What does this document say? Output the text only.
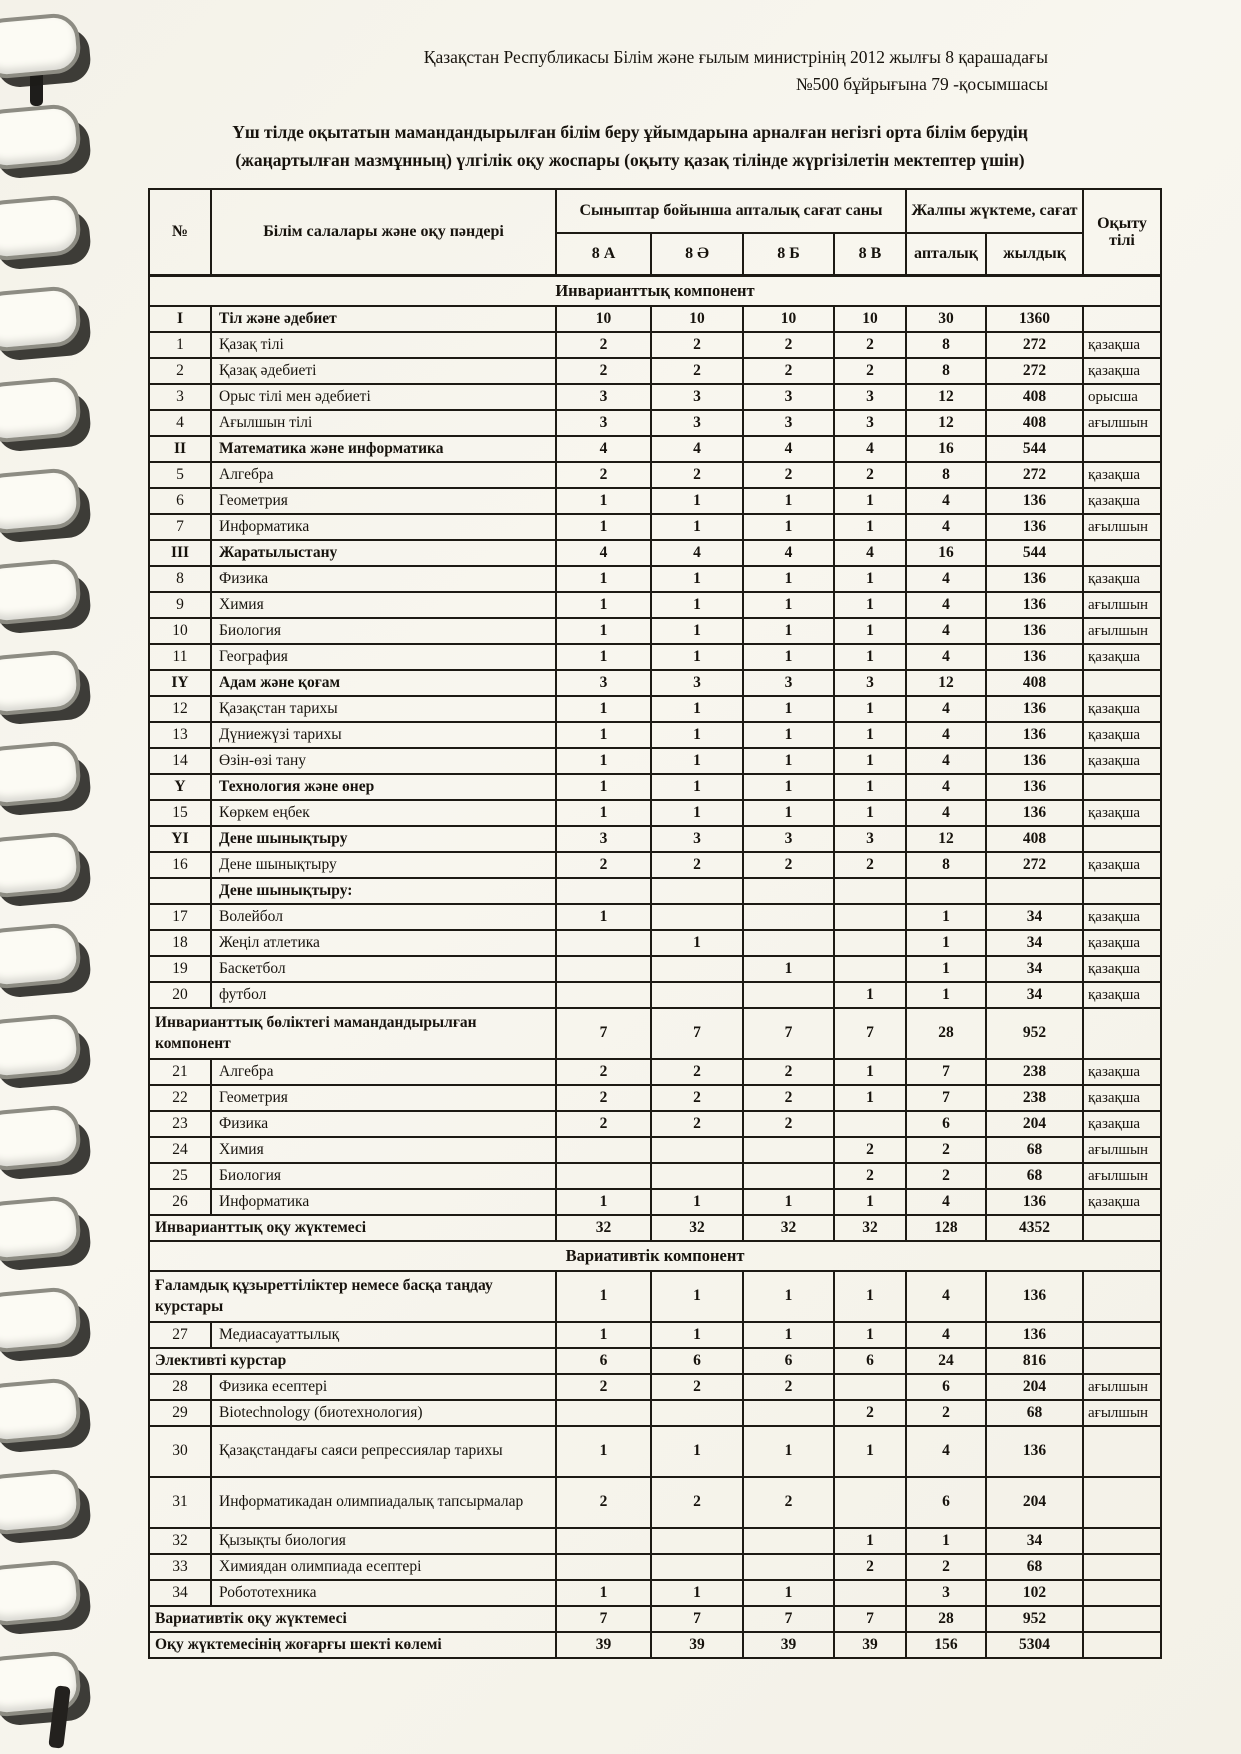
Қазақстан Республикасы Білім және ғылым министрінің 2012 жылғы 8 қарашадағы
№500 бұйрығына 79 -қосымшасы
Үш тілде оқытатын мамандандырылған білім беру ұйымдарына арналған негізгі орта білім берудің
(жаңартылған мазмұнның) үлгілік оқу жоспары (оқыту қазақ тілінде жүргізілетін мектептер үшін)
№	Білім салалары және оқу пәндері	Сыныптар бойынша апталық сағат саны				Жалпы жүктеме, сағат		Оқыту тілі
		8 А	8 Ә	8 Б	8 В	апталық	жылдық	
Инварианттық компонент								
I	Тіл және әдебиет	10	10	10	10	30	1360	
1	Қазақ тілі	2	2	2	2	8	272	қазақша
2	Қазақ әдебиеті	2	2	2	2	8	272	қазақша
3	Орыс тілі мен әдебиеті	3	3	3	3	12	408	орысша
4	Ағылшын тілі	3	3	3	3	12	408	ағылшын
II	Математика және информатика	4	4	4	4	16	544	
5	Алгебра	2	2	2	2	8	272	қазақша
6	Геометрия	1	1	1	1	4	136	қазақша
7	Информатика	1	1	1	1	4	136	ағылшын
III	Жаратылыстану	4	4	4	4	16	544	
8	Физика	1	1	1	1	4	136	қазақша
9	Химия	1	1	1	1	4	136	ағылшын
10	Биология	1	1	1	1	4	136	ағылшын
11	География	1	1	1	1	4	136	қазақша
IY	Адам және қоғам	3	3	3	3	12	408	
12	Қазақстан тарихы	1	1	1	1	4	136	қазақша
13	Дүниежүзі тарихы	1	1	1	1	4	136	қазақша
14	Өзін-өзі тану	1	1	1	1	4	136	қазақша
Y	Технология және өнер	1	1	1	1	4	136	
15	Көркем еңбек	1	1	1	1	4	136	қазақша
YI	Дене шынықтыру	3	3	3	3	12	408	
16	Дене шынықтыру	2	2	2	2	8	272	қазақша
	Дене шынықтыру:							
17	Волейбол	1				1	34	қазақша
18	Жеңіл атлетика		1			1	34	қазақша
19	Баскетбол			1		1	34	қазақша
20	футбол				1	1	34	қазақша
Инварианттық бөліктегі мамандандырылған компонент		7	7	7	7	28	952	
21	Алгебра	2	2	2	1	7	238	қазақша
22	Геометрия	2	2	2	1	7	238	қазақша
23	Физика	2	2	2		6	204	қазақша
24	Химия				2	2	68	ағылшын
25	Биология				2	2	68	ағылшын
26	Информатика	1	1	1	1	4	136	қазақша
Инварианттық оқу жүктемесі		32	32	32	32	128	4352	
Вариативтік компонент								
Ғаламдық құзыреттіліктер немесе басқа таңдау курстары		1	1	1	1	4	136	
27	Медиасауаттылық	1	1	1	1	4	136	
Элективті курстар		6	6	6	6	24	816	
28	Физика есептері	2	2	2		6	204	ағылшын
29	Biotechnology (биотехнология)				2	2	68	ағылшын
30	Қазақстандағы саяси репрессиялар тарихы	1	1	1	1	4	136	
31	Информатикадан олимпиадалық тапсырмалар	2	2	2		6	204	
32	Қызықты биология				1	1	34	
33	Химиядан олимпиада есептері				2	2	68	
34	Робототехника	1	1	1		3	102	
Вариативтік оқу жүктемесі		7	7	7	7	28	952	
Оқу жүктемесінің жоғарғы шекті көлемі		39	39	39	39	156	5304	
